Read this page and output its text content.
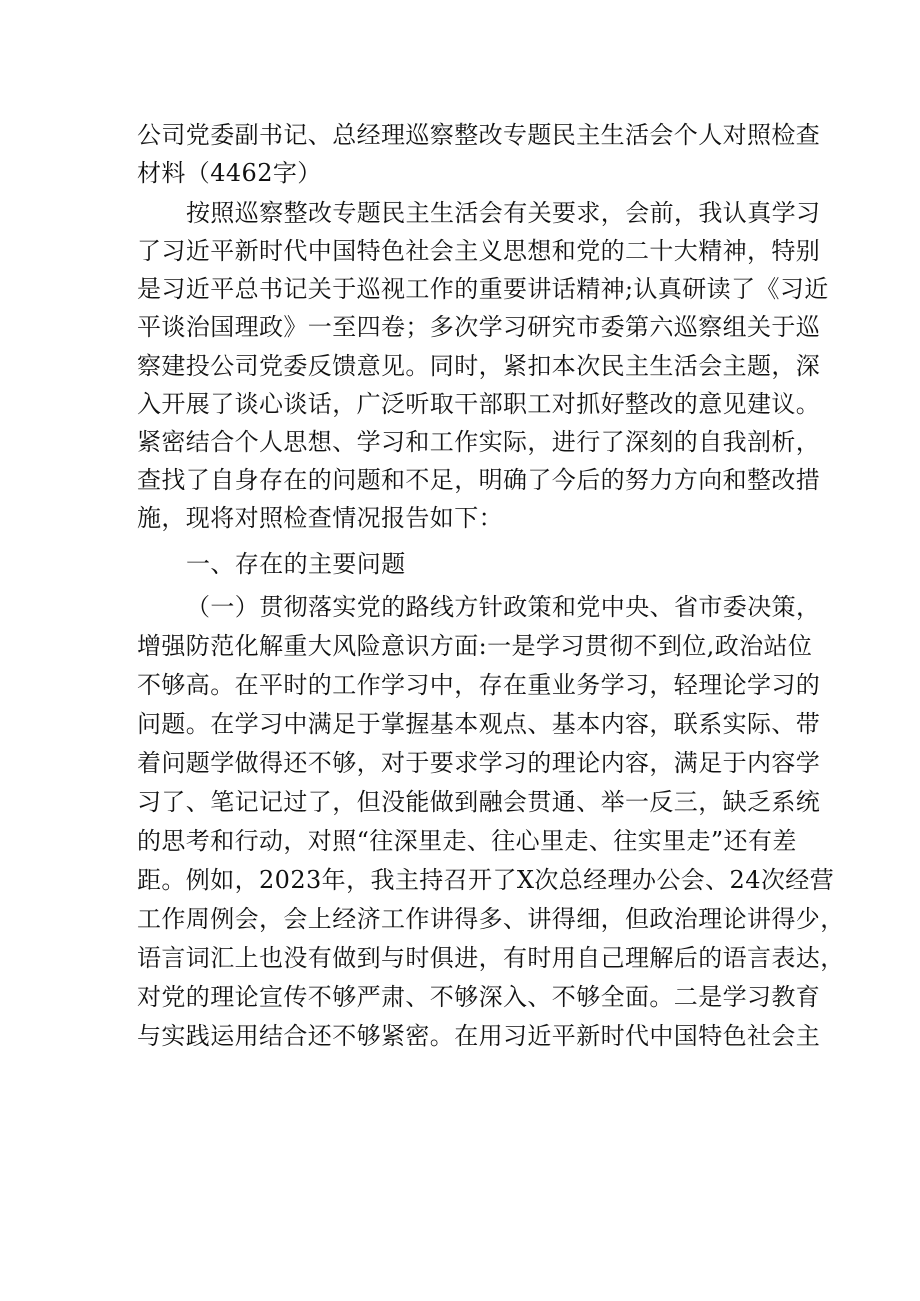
公司党委副书记、总经理巡察整改专题民主生活会个人对照检查
材料（4462字）
按照巡察整改专题民主生活会有关要求，会前，我认真学习
了习近平新时代中国特色社会主义思想和党的二十大精神，特别
是习近平总书记关于巡视工作的重要讲话精神;认真研读了《习近
平谈治国理政》一至四卷；多次学习研究市委第六巡察组关于巡
察建投公司党委反馈意见。同时，紧扣本次民主生活会主题，深
入开展了谈心谈话，广泛听取干部职工对抓好整改的意见建议。
紧密结合个人思想、学习和工作实际，进行了深刻的自我剖析，
查找了自身存在的问题和不足，明确了今后的努力方向和整改措
施，现将对照检查情况报告如下：
一、存在的主要问题
（一）贯彻落实党的路线方针政策和党中央、省市委决策，
增强防范化解重大风险意识方面:一是学习贯彻不到位,政治站位
不够高。在平时的工作学习中，存在重业务学习，轻理论学习的
问题。在学习中满足于掌握基本观点、基本内容，联系实际、带
着问题学做得还不够，对于要求学习的理论内容，满足于内容学
习了、笔记记过了，但没能做到融会贯通、举一反三，缺乏系统
的思考和行动，对照“往深里走、往心里走、往实里走”还有差
距。例如，2023年，我主持召开了X次总经理办公会、24次经营
工作周例会，会上经济工作讲得多、讲得细，但政治理论讲得少，
语言词汇上也没有做到与时俱进，有时用自己理解后的语言表达，
对党的理论宣传不够严肃、不够深入、不够全面。二是学习教育
与实践运用结合还不够紧密。在用习近平新时代中国特色社会主
